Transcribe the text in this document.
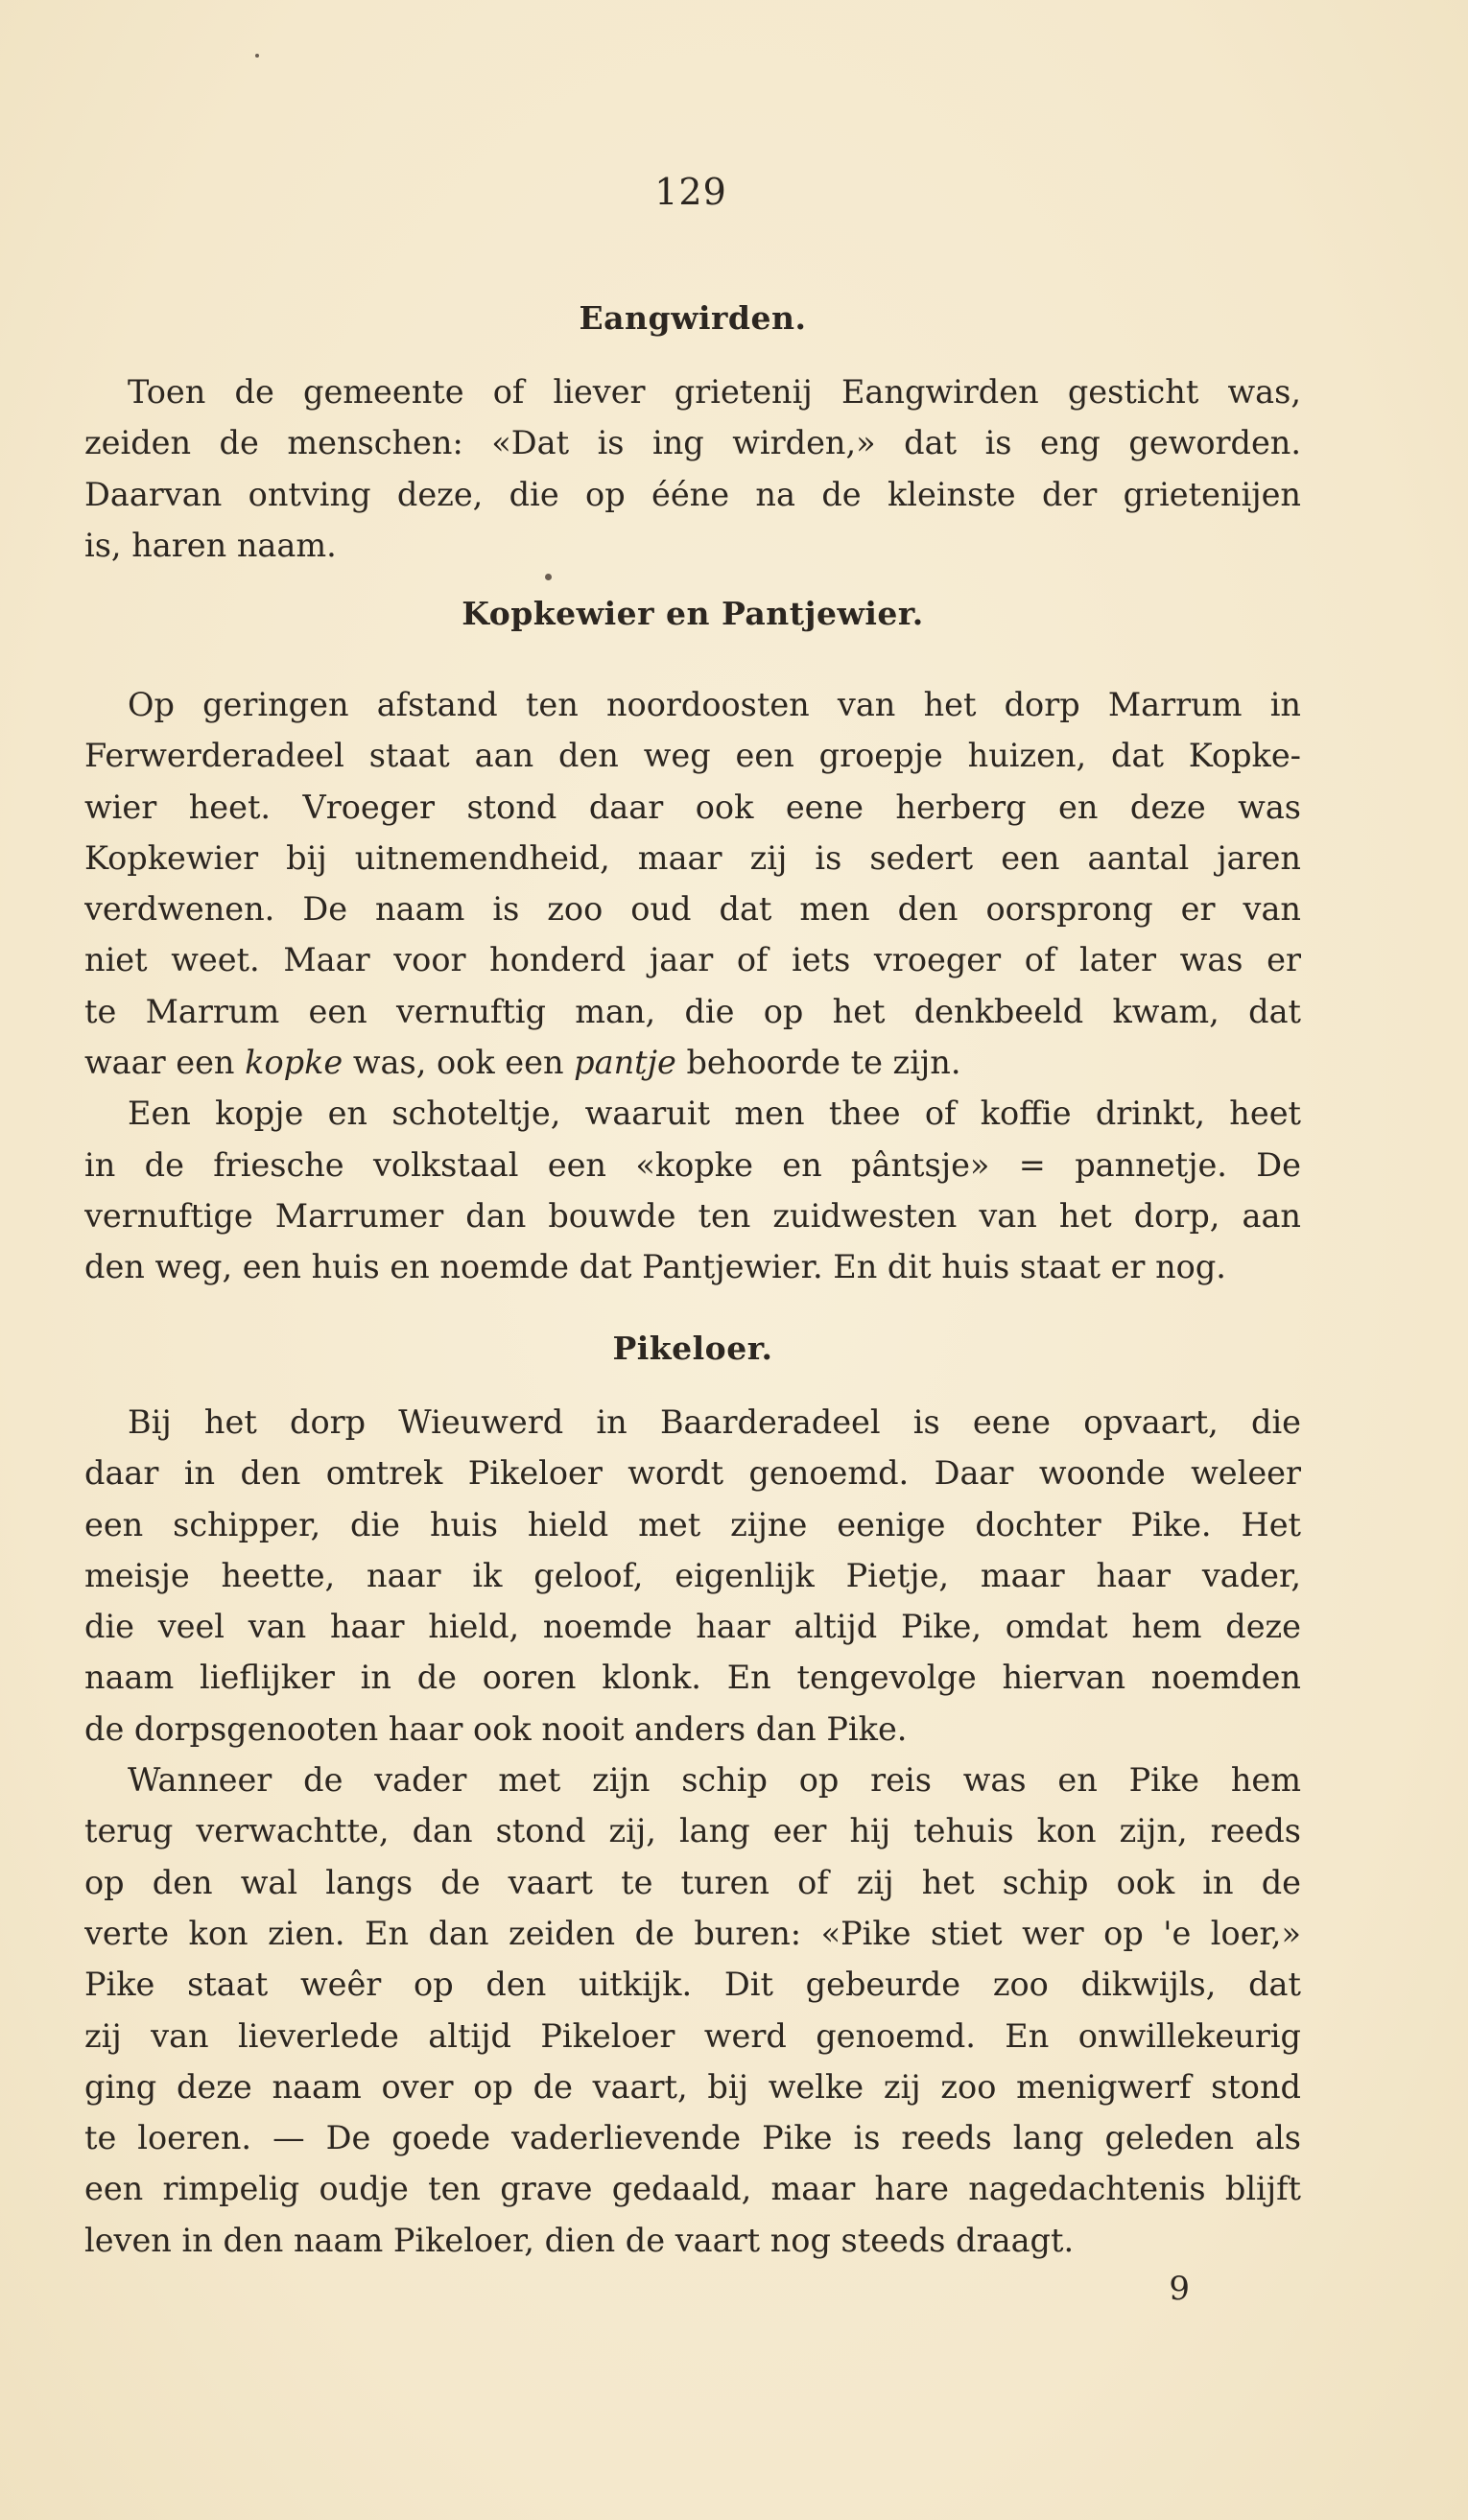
129
Eangwirden.
Toen de gemeente of liever grietenij Eangwirden gesticht was,
zeiden de menschen: «Dat is ing wirden,» dat is eng geworden.
Daarvan ontving deze, die op ééne na de kleinste der grietenijen
is, haren naam.
Kopkewier en Pantjewier.
Op geringen afstand ten noordoosten van het dorp Marrum in
Ferwerderadeel staat aan den weg een groepje huizen, dat Kopke-
wier heet. Vroeger stond daar ook eene herberg en deze was
Kopkewier bij uitnemendheid, maar zij is sedert een aantal jaren
verdwenen. De naam is zoo oud dat men den oorsprong er van
niet weet. Maar voor honderd jaar of iets vroeger of later was er
te Marrum een vernuftig man, die op het denkbeeld kwam, dat
waar een kopke was, ook een pantje behoorde te zijn.
Een kopje en schoteltje, waaruit men thee of koffie drinkt, heet
in de friesche volkstaal een «kopke en pântsje» = pannetje. De
vernuftige Marrumer dan bouwde ten zuidwesten van het dorp, aan
den weg, een huis en noemde dat Pantjewier. En dit huis staat er nog.
Pikeloer.
Bij het dorp Wieuwerd in Baarderadeel is eene opvaart, die
daar in den omtrek Pikeloer wordt genoemd. Daar woonde weleer
een schipper, die huis hield met zijne eenige dochter Pike. Het
meisje heette, naar ik geloof, eigenlijk Pietje, maar haar vader,
die veel van haar hield, noemde haar altijd Pike, omdat hem deze
naam lieflijker in de ooren klonk. En tengevolge hiervan noemden
de dorpsgenooten haar ook nooit anders dan Pike.
Wanneer de vader met zijn schip op reis was en Pike hem
terug verwachtte, dan stond zij, lang eer hij tehuis kon zijn, reeds
op den wal langs de vaart te turen of zij het schip ook in de
verte kon zien. En dan zeiden de buren: «Pike stiet wer op 'e loer,»
Pike staat weêr op den uitkijk. Dit gebeurde zoo dikwijls, dat
zij van lieverlede altijd Pikeloer werd genoemd. En onwillekeurig
ging deze naam over op de vaart, bij welke zij zoo menigwerf stond
te loeren. — De goede vaderlievende Pike is reeds lang geleden als
een rimpelig oudje ten grave gedaald, maar hare nagedachtenis blijft
leven in den naam Pikeloer, dien de vaart nog steeds draagt.
9
